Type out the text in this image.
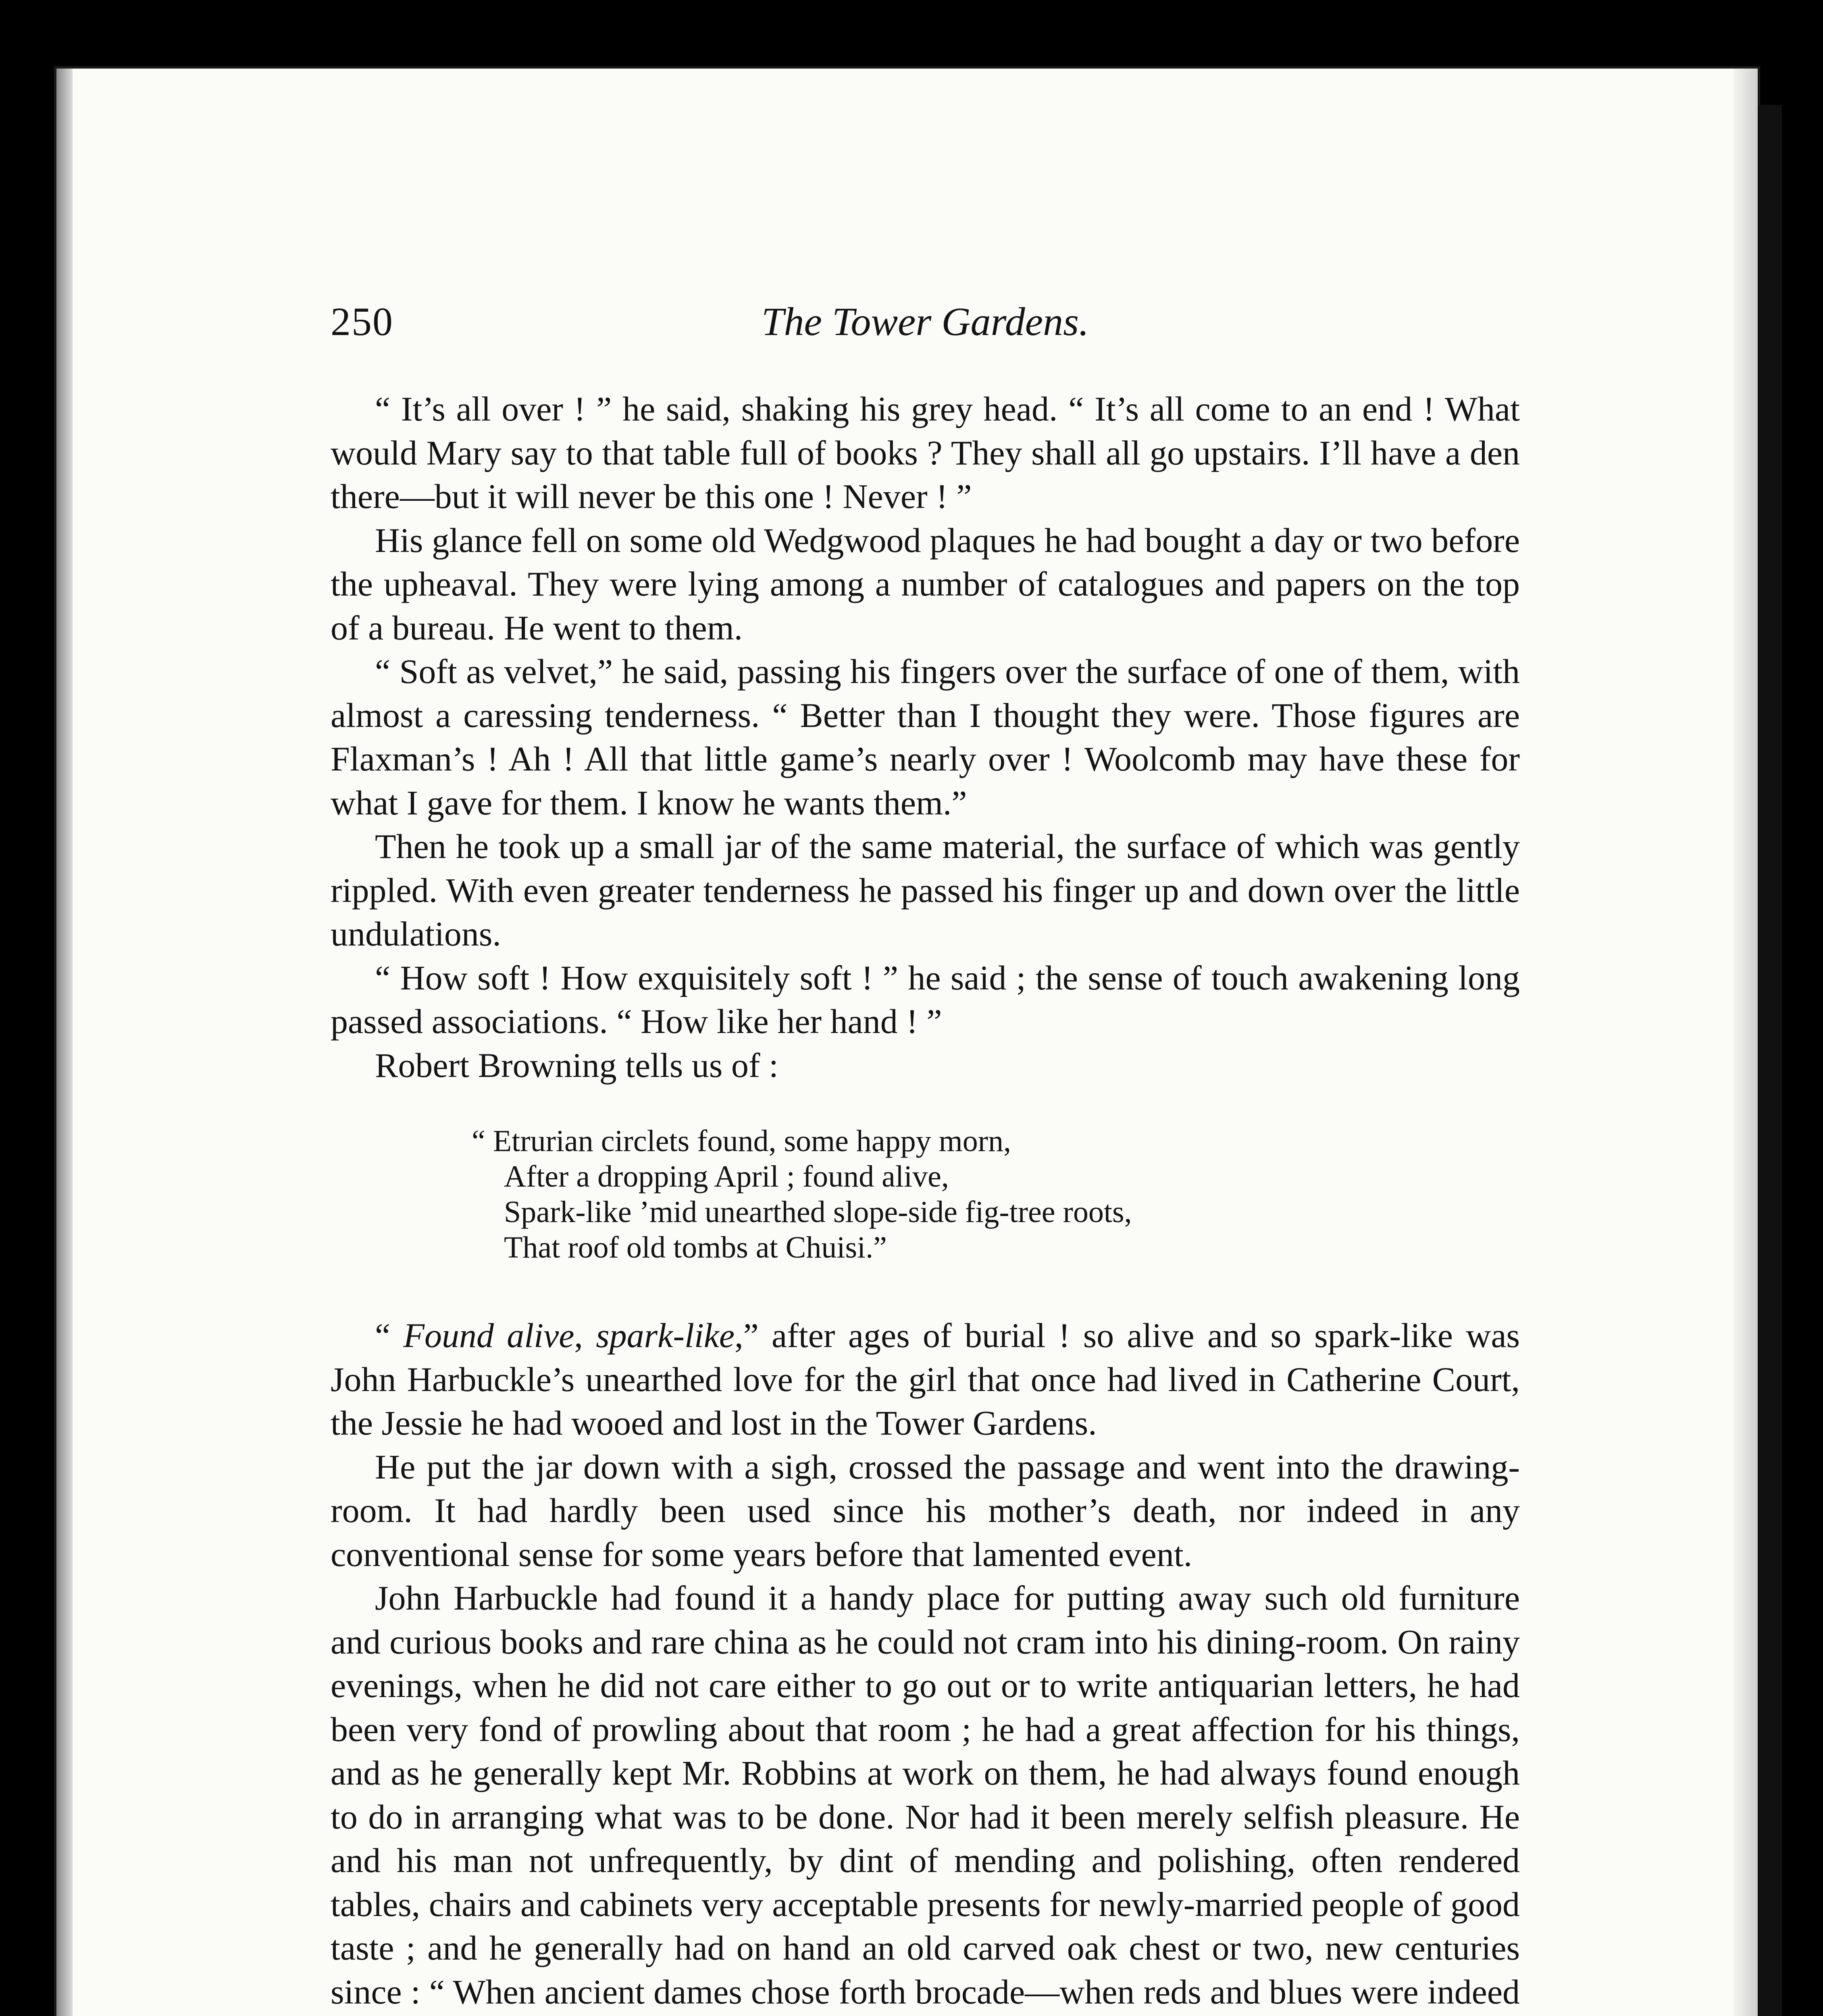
250	The Tower Gardens.

“ It’s all over ! ” he said, shaking his grey head. “ It’s all come to an end ! What would Mary say to that table full of books ? They shall all go upstairs. I’ll have a den there—but it will never be this one ! Never ! ”

His glance fell on some old Wedgwood plaques he had bought a day or two before the upheaval. They were lying among a number of catalogues and papers on the top of a bureau. He went to them.

“ Soft as velvet,” he said, passing his fingers over the surface of one of them, with almost a caressing tenderness. “ Better than I thought they were. Those figures are Flaxman’s ! Ah ! All that little game’s nearly over ! Woolcomb may have these for what I gave for them. I know he wants them.”

Then he took up a small jar of the same material, the surface of which was gently rippled. With even greater tenderness he passed his finger up and down over the little undulations.

“ How soft ! How exquisitely soft ! ” he said ; the sense of touch awakening long passed associations. “ How like her hand ! ”

Robert Browning tells us of :

“ Etrurian circlets found, some happy morn,
After a dropping April ; found alive,
Spark-like ’mid unearthed slope-side fig-tree roots,
That roof old tombs at Chuisi.”

“ Found alive, spark-like,” after ages of burial ! so alive and so spark-like was John Harbuckle’s unearthed love for the girl that once had lived in Catherine Court, the Jessie he had wooed and lost in the Tower Gardens.

He put the jar down with a sigh, crossed the passage and went into the drawing-room. It had hardly been used since his mother’s death, nor indeed in any conventional sense for some years before that lamented event.

John Harbuckle had found it a handy place for putting away such old furniture and curious books and rare china as he could not cram into his dining-room. On rainy evenings, when he did not care either to go out or to write antiquarian letters, he had been very fond of prowling about that room ; he had a great affection for his things, and as he generally kept Mr. Robbins at work on them, he had always found enough to do in arranging what was to be done. Nor had it been merely selfish pleasure. He and his man not unfrequently, by dint of mending and polishing, often rendered tables, chairs and cabinets very acceptable presents for newly-married people of good taste ; and he generally had on hand an old carved oak chest or two, new centuries since : “ When ancient dames chose forth brocade—when reds and blues were indeed
